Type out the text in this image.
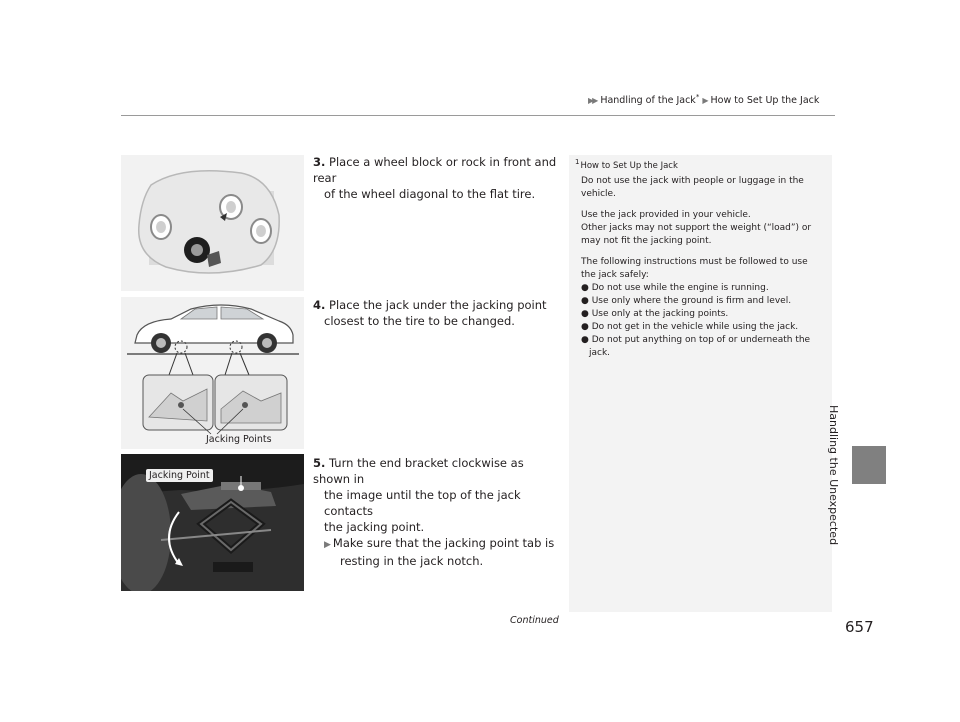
▶▶ Handling of the Jack* ▶ How to Set Up the Jack
Jacking Points
Jacking Point
3. Place a wheel block or rock in front and rear
of the wheel diagonal to the flat tire.
4. Place the jack under the jacking point
closest to the tire to be changed.
5. Turn the end bracket clockwise as shown in
the image until the top of the jack contacts
the jacking point.
▶ Make sure that the jacking point tab is
resting in the jack notch.
$^1$How to Set Up the Jack

Do not use the jack with people or luggage in the vehicle.

Use the jack provided in your vehicle.
Other jacks may not support the weight (“load”) or may not fit the jacking point.

The following instructions must be followed to use the jack safely:

● Do not use while the engine is running.
● Use only where the ground is firm and level.
● Use only at the jacking points.
● Do not get in the vehicle while using the jack.
● Do not put anything on top of or underneath the jack.
Handling the Unexpected
Continued	657
